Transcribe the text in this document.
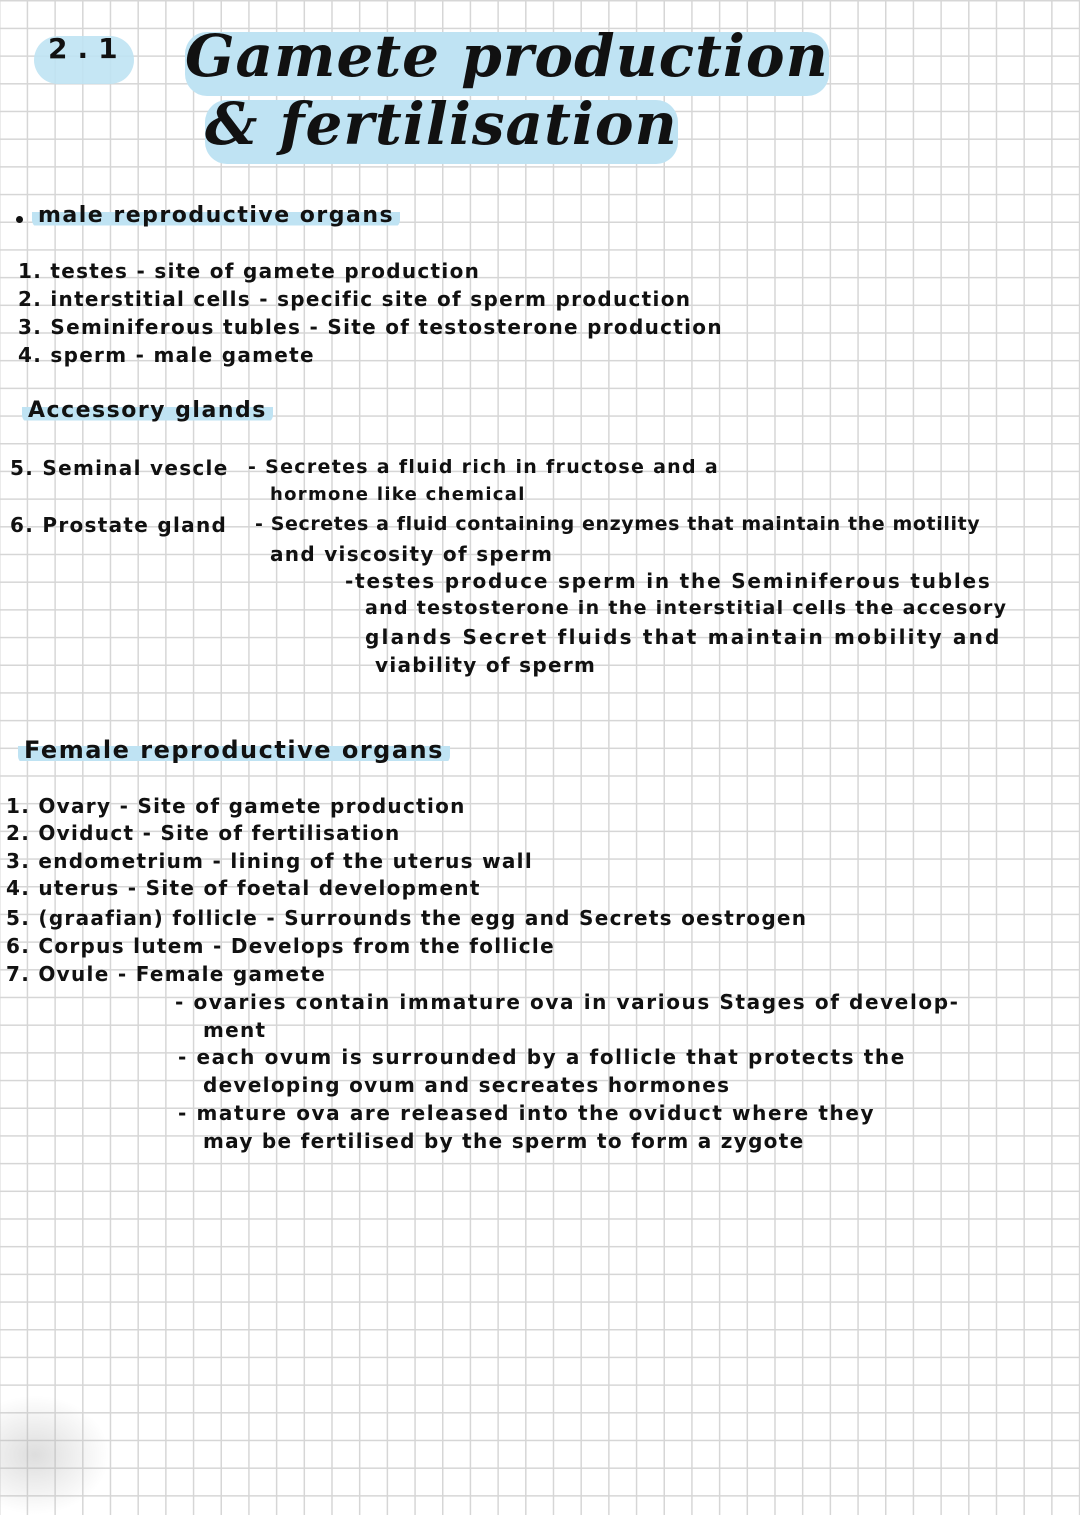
2.1 Gamete production
& fertilisation
male reproductive organs
1. testes - site of gamete production
2. interstitial cells - specific site of sperm production
3. Seminiferous tubles - Site of testosterone production
4. sperm - male gamete
Accessory glands
5. Seminal vescle - Secretes a fluid rich in fructose and a
hormone like chemical
6. Prostate gland - Secretes a fluid containing enzymes that maintain the motility
and viscosity of sperm
-testes produce sperm in the Seminiferous tubles
and testosterone in the interstitial cells the accesory
glands Secret fluids that maintain mobility and
viability of sperm
Female reproductive organs
1. Ovary - Site of gamete production
2. Oviduct - Site of fertilisation
3. endometrium - lining of the uterus wall
4. uterus - Site of foetal development
5. (graafian) follicle - Surrounds the egg and Secrets oestrogen
6. Corpus lutem - Develops from the follicle
7. Ovule - Female gamete
- ovaries contain immature ova in various Stages of develop-
ment
- each ovum is surrounded by a follicle that protects the
developing ovum and secreates hormones
- mature ova are released into the oviduct where they
may be fertilised by the sperm to form a zygote
